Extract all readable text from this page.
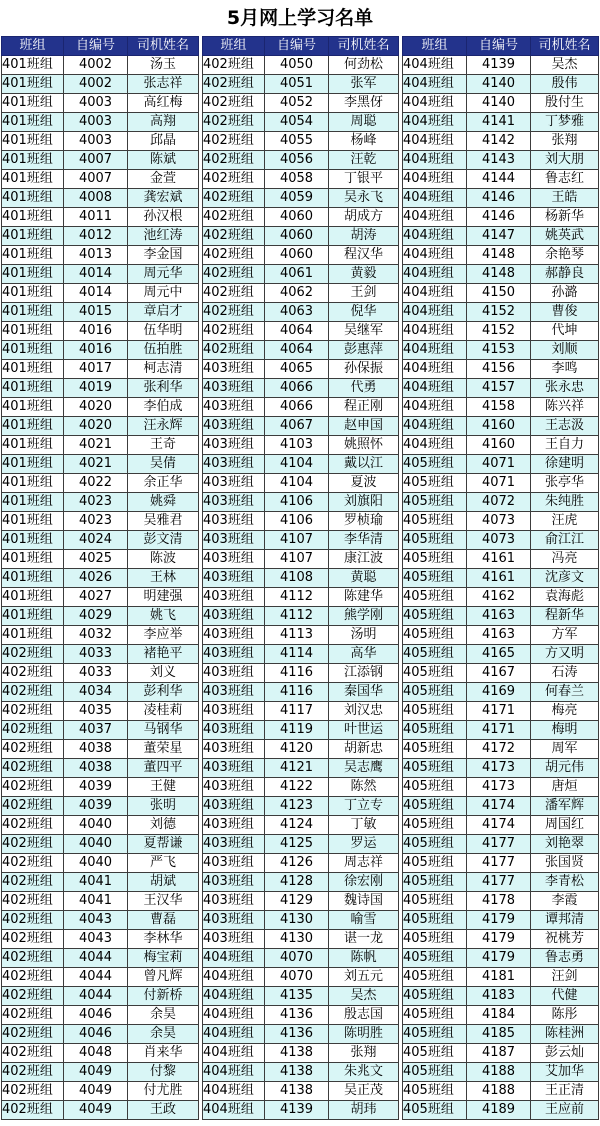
5月网上学习名单
班组	自编号	司机姓名
401班组	4002	汤玉
401班组	4002	张志祥
401班组	4003	高红梅
401班组	4003	高翔
401班组	4003	邱晶
401班组	4007	陈斌
401班组	4007	金萱
401班组	4008	龚宏斌
401班组	4011	孙汉根
401班组	4012	池红涛
401班组	4013	李金国
401班组	4014	周元华
401班组	4014	周元中
401班组	4015	章启才
401班组	4016	伍华明
401班组	4016	伍拍胜
401班组	4017	柯志清
401班组	4019	张利华
401班组	4020	李伯成
401班组	4020	汪永辉
401班组	4021	王奇
401班组	4021	吴倩
401班组	4022	余正华
401班组	4023	姚舜
401班组	4023	吴雅君
401班组	4024	彭文清
401班组	4025	陈波
401班组	4026	王林
401班组	4027	明建强
401班组	4029	姚飞
401班组	4032	李应举
402班组	4033	褚艳平
402班组	4033	刘义
402班组	4034	彭利华
402班组	4035	凌桂莉
402班组	4037	马钢华
402班组	4038	董荣星
402班组	4038	董四平
402班组	4039	王健
402班组	4039	张明
402班组	4040	刘德
402班组	4040	夏帮谦
402班组	4040	严飞
402班组	4041	胡斌
402班组	4041	王汉华
402班组	4043	曹磊
402班组	4043	李林华
402班组	4044	梅宝莉
402班组	4044	曾凡辉
402班组	4044	付新桥
402班组	4046	余昊
402班组	4046	余昊
402班组	4048	肖来华
402班组	4049	付黎
402班组	4049	付尤胜
402班组	4049	王政
班组	自编号	司机姓名
402班组	4050	何劲松
402班组	4051	张军
402班组	4052	李黑伢
402班组	4054	周聪
402班组	4055	杨峰
402班组	4056	汪乾
402班组	4058	丁银平
402班组	4059	吴永飞
402班组	4060	胡成方
402班组	4060	胡涛
402班组	4060	程汉华
402班组	4061	黄毅
402班组	4062	王剑
402班组	4063	倪华
402班组	4064	吴继军
402班组	4064	彭惠萍
403班组	4065	孙保振
403班组	4066	代勇
403班组	4066	程正刚
403班组	4067	赵申国
403班组	4103	姚照怀
403班组	4104	戴以江
403班组	4104	夏波
403班组	4106	刘旗阳
403班组	4106	罗桢瑜
403班组	4107	李华清
403班组	4107	康江波
403班组	4108	黄聪
403班组	4112	陈建华
403班组	4112	熊学刚
403班组	4113	汤明
403班组	4114	高华
403班组	4116	江添钢
403班组	4116	秦国华
403班组	4117	刘汉忠
403班组	4119	叶世运
403班组	4120	胡新忠
403班组	4121	吴志鹰
403班组	4122	陈然
403班组	4123	丁立专
403班组	4124	丁敏
403班组	4125	罗运
403班组	4126	周志祥
403班组	4128	徐宏刚
403班组	4129	魏诗国
403班组	4130	喻雪
403班组	4130	谌一龙
404班组	4070	陈帆
404班组	4070	刘五元
404班组	4135	吴杰
404班组	4136	殷志国
404班组	4136	陈明胜
404班组	4138	张翔
404班组	4138	朱兆文
404班组	4138	吴正茂
404班组	4139	胡玮
班组	自编号	司机姓名
404班组	4139	吴杰
404班组	4140	殷伟
404班组	4140	殷付生
404班组	4141	丁梦雅
404班组	4142	张翔
404班组	4143	刘大朋
404班组	4144	鲁志红
404班组	4146	王皓
404班组	4146	杨新华
404班组	4147	姚英武
404班组	4148	余艳琴
404班组	4148	郝静良
404班组	4150	孙潞
404班组	4152	曹俊
404班组	4152	代坤
404班组	4153	刘顺
404班组	4156	李鸣
404班组	4157	张永忠
404班组	4158	陈兴祥
404班组	4160	王志汲
404班组	4160	王自力
405班组	4071	徐建明
405班组	4071	张亭华
405班组	4072	朱纯胜
405班组	4073	汪虎
405班组	4073	俞江江
405班组	4161	冯亮
405班组	4161	沈彦文
405班组	4162	袁海彪
405班组	4163	程新华
405班组	4163	方军
405班组	4165	方又明
405班组	4167	石涛
405班组	4169	何春兰
405班组	4171	梅亮
405班组	4171	梅明
405班组	4172	周军
405班组	4173	胡元伟
405班组	4173	唐烜
405班组	4174	潘军辉
405班组	4174	周国红
405班组	4177	刘艳翠
405班组	4177	张国贤
405班组	4177	李青松
405班组	4178	李霞
405班组	4179	谭邦清
405班组	4179	祝桃芳
405班组	4179	鲁志勇
405班组	4181	汪剑
405班组	4183	代健
405班组	4184	陈彤
405班组	4185	陈桂洲
405班组	4187	彭云灿
405班组	4188	艾加华
405班组	4188	王正清
405班组	4189	王应前
